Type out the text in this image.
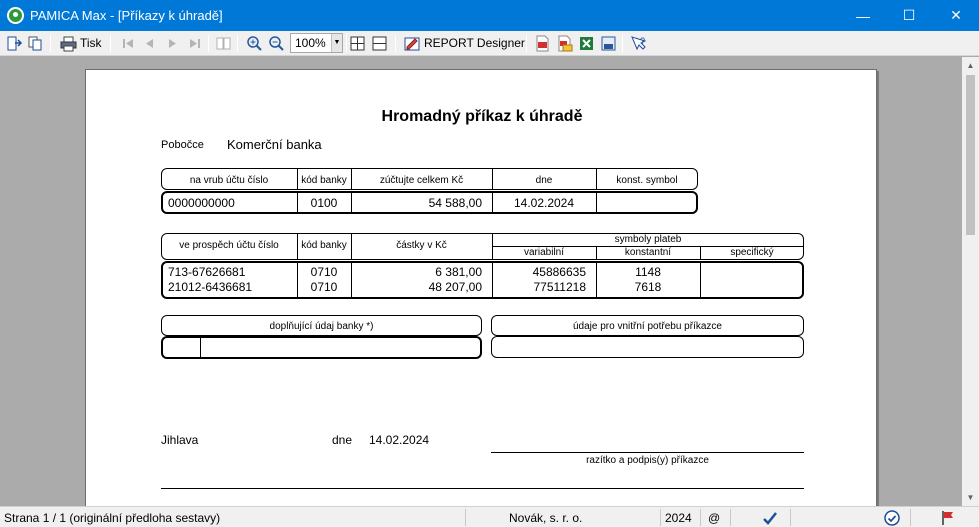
PAMICA Max - [Příkazy k úhradě]	—	☐	✕
Tisk	REPORT Designer	?
100%	▼
Hromadný příkaz k úhradě
Pobočce Komerční banka
na vrub účtu číslo	kód banky	zúčtujte celkem Kč	dne	konst. symbol
0000000000	0100	54 588,00	14.02.2024
ve prospěch účtu číslo	kód banky	částky v Kč
symboly plateb
variabilní	konstantní	specifický
713-67626681	0710	6 381,00	45886635	1148
21012-6436681	0710	48 207,00	77511218	7618
doplňující údaj banky *)	údaje pro vnitřní potřebu příkazce
Jihlava	dne 14.02.2024
razítko a podpis(y) příkazce
▲
▼
Strana 1 / 1 (originální předloha sestavy)	Novák, s. r. o.	2024 @
